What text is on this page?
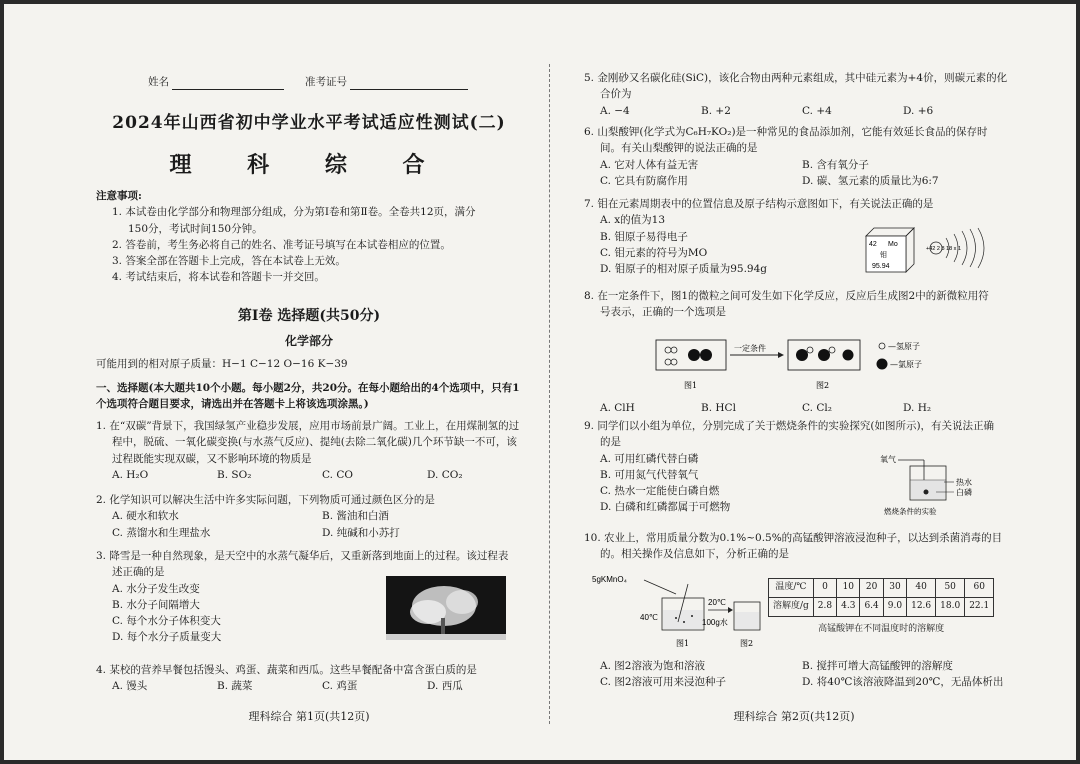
姓名	准考证号
2024年山西省初中学业水平考试适应性测试(二)
理 科 综 合
注意事项:
1. 本试卷由化学部分和物理部分组成，分为第Ⅰ卷和第Ⅱ卷。全卷共12页，满分
150分，考试时间150分钟。
2. 答卷前，考生务必将自己的姓名、准考证号填写在本试卷相应的位置。
3. 答案全部在答题卡上完成，答在本试卷上无效。
4. 考试结束后，将本试卷和答题卡一并交回。
第Ⅰ卷 选择题(共50分)
化学部分
可能用到的相对原子质量：H−1 C−12 O−16 K−39
一、选择题(本大题共10个小题。每小题2分，共20分。在每小题给出的4个选项中，只有1
个选项符合题目要求，请选出并在答题卡上将该选项涂黑。)
1. 在“双碳”背景下，我国绿氢产业稳步发展，应用市场前景广阔。工业上，在用煤制氢的过
程中，脱硫、一氧化碳变换(与水蒸气反应)、提纯(去除二氧化碳)几个环节缺一不可，该
过程既能实现双碳，又不影响环境的物质是
A. H₂O	B. SO₂	C. CO	D. CO₂
2. 化学知识可以解决生活中许多实际问题，下列物质可通过颜色区分的是
A. 硬水和软水	B. 酱油和白酒
C. 蒸馏水和生理盐水	D. 纯碱和小苏打
3. 降雪是一种自然现象，是天空中的水蒸气凝华后，又重新落到地面上的过程。该过程表
述正确的是
A. 水分子发生改变
B. 水分子间隔增大
C. 每个水分子体积变大
D. 每个水分子质量变大
4. 某校的营养早餐包括馒头、鸡蛋、蔬菜和西瓜。这些早餐配备中富含蛋白质的是
A. 馒头	B. 蔬菜	C. 鸡蛋	D. 西瓜
理科综合 第1页(共12页)
5. 金刚砂又名碳化硅(SiC)，该化合物由两种元素组成，其中硅元素为+4价，则碳元素的化
合价为
A. −4	B. +2	C. +4	D. +6
6. 山梨酸钾(化学式为C₆H₇KO₂)是一种常见的食品添加剂，它能有效延长食品的保存时
间。有关山梨酸钾的说法正确的是
A. 它对人体有益无害	B. 含有氧分子
C. 它具有防腐作用	D. 碳、氢元素的质量比为6:7
7. 钼在元素周期表中的位置信息及原子结构示意图如下，有关说法正确的是
A. x的值为13
B. 钼原子易得电子
C. 钼元素的符号为MO
D. 钼原子的相对原子质量为95.94g
42 Mo
钼
95.94
+42 2 8 18 x 1
8. 在一定条件下，图1的微粒之间可发生如下化学反应，反应后生成图2中的新微粒用符
号表示，正确的一个选项是
一定条件	—氢原子
—氯原子
图1	图2
A. ClH	B. HCl	C. Cl₂	D. H₂
9. 同学们以小组为单位，分别完成了关于燃烧条件的实验探究(如图所示)，有关说法正确
的是
A. 可用红磷代替白磷
B. 可用氮气代替氧气
C. 热水一定能使白磷自燃
D. 白磷和红磷都属于可燃物
氧气
热水
白磷
燃烧条件的实验
10. 农业上，常用质量分数为0.1%~0.5%的高锰酸钾溶液浸泡种子，以达到杀菌消毒的目
的。相关操作及信息如下，分析正确的是
5gKMnO₄
40℃
20℃
100g水
图1	图2
温度/℃	0	10	20	30	40	50	60
溶解度/g	2.8	4.3	6.4	9.0	12.6	18.0	22.1
高锰酸钾在不同温度时的溶解度
A. 图2溶液为饱和溶液	B. 搅拌可增大高锰酸钾的溶解度
C. 图2溶液可用来浸泡种子	D. 将40℃该溶液降温到20℃，无晶体析出
理科综合 第2页(共12页)
